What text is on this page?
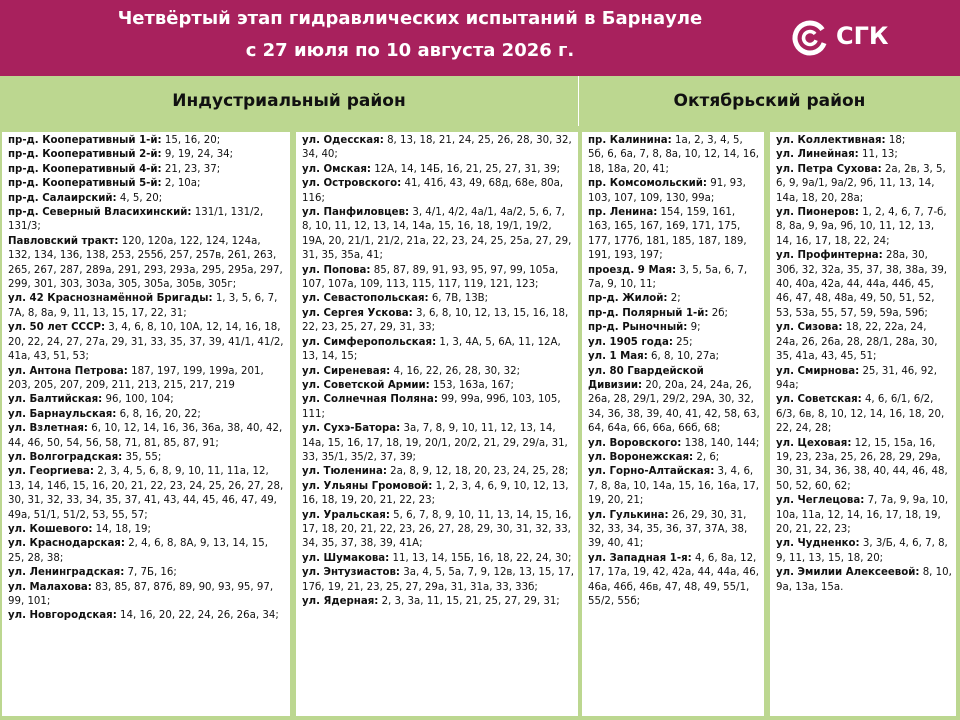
Четвёртый этап гидравлических испытаний в Барнауле
с 27 июля по 10 августа 2026 г.
СГК
Индустриальный район	Октябрьский район
пр-д. Кооперативный 1-й: 15, 16, 20;
пр-д. Кооперативный 2-й: 9, 19, 24, 34;
пр-д. Кооперативный 4-й: 21, 23, 37;
пр-д. Кооперативный 5-й: 2, 10а;
пр-д. Салаирский: 4, 5, 20;
пр-д. Северный Власихинский: 131/1, 131/2, 131/3;
Павловский тракт: 120, 120а, 122, 124, 124а, 132, 134, 136, 138, 253, 255б, 257, 257в, 261, 263, 265, 267, 287, 289а, 291, 293, 293а, 295, 295а, 297, 299, 301, 303, 303а, 305, 305а, 305в, 305г;
ул. 42 Краснознамённой Бригады: 1, 3, 5, 6, 7, 7А, 8, 8а, 9, 11, 13, 15, 17, 22, 31;
ул. 50 лет СССР: 3, 4, 6, 8, 10, 10А, 12, 14, 16, 18, 20, 22, 24, 27, 27а, 29, 31, 33, 35, 37, 39, 41/1, 41/2, 41а, 43, 51, 53;
ул. Антона Петрова: 187, 197, 199, 199а, 201, 203, 205, 207, 209, 211, 213, 215, 217, 219
ул. Балтийская: 96, 100, 104;
ул. Барнаульская: 6, 8, 16, 20, 22;
ул. Взлетная: 6, 10, 12, 14, 16, 36, 36а, 38, 40, 42, 44, 46, 50, 54, 56, 58, 71, 81, 85, 87, 91;
ул. Волгоградская: 35, 55;
ул. Георгиева: 2, 3, 4, 5, 6, 8, 9, 10, 11, 11а, 12, 13, 14, 14б, 15, 16, 20, 21, 22, 23, 24, 25, 26, 27, 28, 30, 31, 32, 33, 34, 35, 37, 41, 43, 44, 45, 46, 47, 49, 49а, 51/1, 51/2, 53, 55, 57;
ул. Кошевого: 14, 18, 19;
ул. Краснодарская: 2, 4, 6, 8, 8А, 9, 13, 14, 15, 25, 28, 38;
ул. Ленинградская: 7, 7Б, 16;
ул. Малахова: 83, 85, 87, 87б, 89, 90, 93, 95, 97, 99, 101;
ул. Новгородская: 14, 16, 20, 22, 24, 26, 26а, 34;
ул. Одесская: 8, 13, 18, 21, 24, 25, 26, 28, 30, 32, 34, 40;
ул. Омская: 12А, 14, 14Б, 16, 21, 25, 27, 31, 39;
ул. Островского: 41, 41б, 43, 49, 68д, 68е, 80а, 116;
ул. Панфиловцев: 3, 4/1, 4/2, 4а/1, 4а/2, 5, 6, 7, 8, 10, 11, 12, 13, 14, 14а, 15, 16, 18, 19/1, 19/2, 19А, 20, 21/1, 21/2, 21а, 22, 23, 24, 25, 25а, 27, 29, 31, 35, 35а, 41;
ул. Попова: 85, 87, 89, 91, 93, 95, 97, 99, 105а, 107, 107а, 109, 113, 115, 117, 119, 121, 123;
ул. Севастопольская: 6, 7В, 13В;
ул. Сергея Ускова: 3, 6, 8, 10, 12, 13, 15, 16, 18, 22, 23, 25, 27, 29, 31, 33;
ул. Симферопольская: 1, 3, 4А, 5, 6А, 11, 12А, 13, 14, 15;
ул. Сиреневая: 4, 16, 22, 26, 28, 30, 32;
ул. Советской Армии: 153, 163а, 167;
ул. Солнечная Поляна: 99, 99а, 99б, 103, 105, 111;
ул. Сухэ-Батора: 3а, 7, 8, 9, 10, 11, 12, 13, 14, 14а, 15, 16, 17, 18, 19, 20/1, 20/2, 21, 29, 29/а, 31, 33, 35/1, 35/2, 37, 39;
ул. Тюленина: 2а, 8, 9, 12, 18, 20, 23, 24, 25, 28;
ул. Ульяны Громовой: 1, 2, 3, 4, 6, 9, 10, 12, 13, 16, 18, 19, 20, 21, 22, 23;
ул. Уральская: 5, 6, 7, 8, 9, 10, 11, 13, 14, 15, 16, 17, 18, 20, 21, 22, 23, 26, 27, 28, 29, 30, 31, 32, 33, 34, 35, 37, 38, 39, 41А;
ул. Шумакова: 11, 13, 14, 15Б, 16, 18, 22, 24, 30;
ул. Энтузиастов: 3а, 4, 5, 5а, 7, 9, 12в, 13, 15, 17, 17б, 19, 21, 23, 25, 27, 29а, 31, 31а, 33, 33б;
ул. Ядерная: 2, 3, 3а, 11, 15, 21, 25, 27, 29, 31;
пр. Калинина: 1а, 2, 3, 4, 5, 5б, 6, 6а, 7, 8, 8а, 10, 12, 14, 16, 18, 18а, 20, 41;
пр. Комсомольский: 91, 93, 103, 107, 109, 130, 99а;
пр. Ленина: 154, 159, 161, 163, 165, 167, 169, 171, 175, 177, 177б, 181, 185, 187, 189, 191, 193, 197;
проезд. 9 Мая: 3, 5, 5а, 6, 7, 7а, 9, 10, 11;
пр-д. Жилой: 2;
пр-д. Полярный 1-й: 2б;
пр-д. Рыночный: 9;
ул. 1905 года: 25;
ул. 1 Мая: 6, 8, 10, 27а;
ул. 80 Гвардейской Дивизии: 20, 20а, 24, 24а, 26, 26а, 28, 29/1, 29/2, 29А, 30, 32, 34, 36, 38, 39, 40, 41, 42, 58, 63, 64, 64а, 66, 66а, 66б, 68;
ул. Воровского: 138, 140, 144;
ул. Воронежская: 2, 6;
ул. Горно-Алтайская: 3, 4, 6, 7, 8, 8а, 10, 14а, 15, 16, 16а, 17, 19, 20, 21;
ул. Гулькина: 26, 29, 30, 31, 32, 33, 34, 35, 36, 37, 37А, 38, 39, 40, 41;
ул. Западная 1-я: 4, 6, 8а, 12, 17, 17а, 19, 42, 42а, 44, 44а, 46, 46а, 46б, 46в, 47, 48, 49, 55/1, 55/2, 55б;
ул. Коллективная: 18;
ул. Линейная: 11, 13;
ул. Петра Сухова: 2а, 2в, 3, 5, 6, 9, 9а/1, 9а/2, 9б, 11, 13, 14, 14а, 18, 20, 28а;
ул. Пионеров: 1, 2, 4, 6, 7, 7-б, 8, 8а, 9, 9а, 9б, 10, 11, 12, 13, 14, 16, 17, 18, 22, 24;
ул. Профинтерна: 28а, 30, 30б, 32, 32а, 35, 37, 38, 38а, 39, 40, 40а, 42а, 44, 44а, 44б, 45, 46, 47, 48, 48а, 49, 50, 51, 52, 53, 53а, 55, 57, 59, 59а, 59б;
ул. Сизова: 18, 22, 22а, 24, 24а, 26, 26а, 28, 28/1, 28а, 30, 35, 41а, 43, 45, 51;
ул. Смирнова: 25, 31, 46, 92, 94а;
ул. Советская: 4, 6, 6/1, 6/2, 6/3, 6в, 8, 10, 12, 14, 16, 18, 20, 22, 24, 28;
ул. Цеховая: 12, 15, 15а, 16, 19, 23, 23а, 25, 26, 28, 29, 29а, 30, 31, 34, 36, 38, 40, 44, 46, 48, 50, 52, 60, 62;
ул. Чеглецова: 7, 7а, 9, 9а, 10, 10а, 11а, 12, 14, 16, 17, 18, 19, 20, 21, 22, 23;
ул. Чудненко: 3, 3/Б, 4, 6, 7, 8, 9, 11, 13, 15, 18, 20;
ул. Эмилии Алексеевой: 8, 10, 9а, 13а, 15а.
